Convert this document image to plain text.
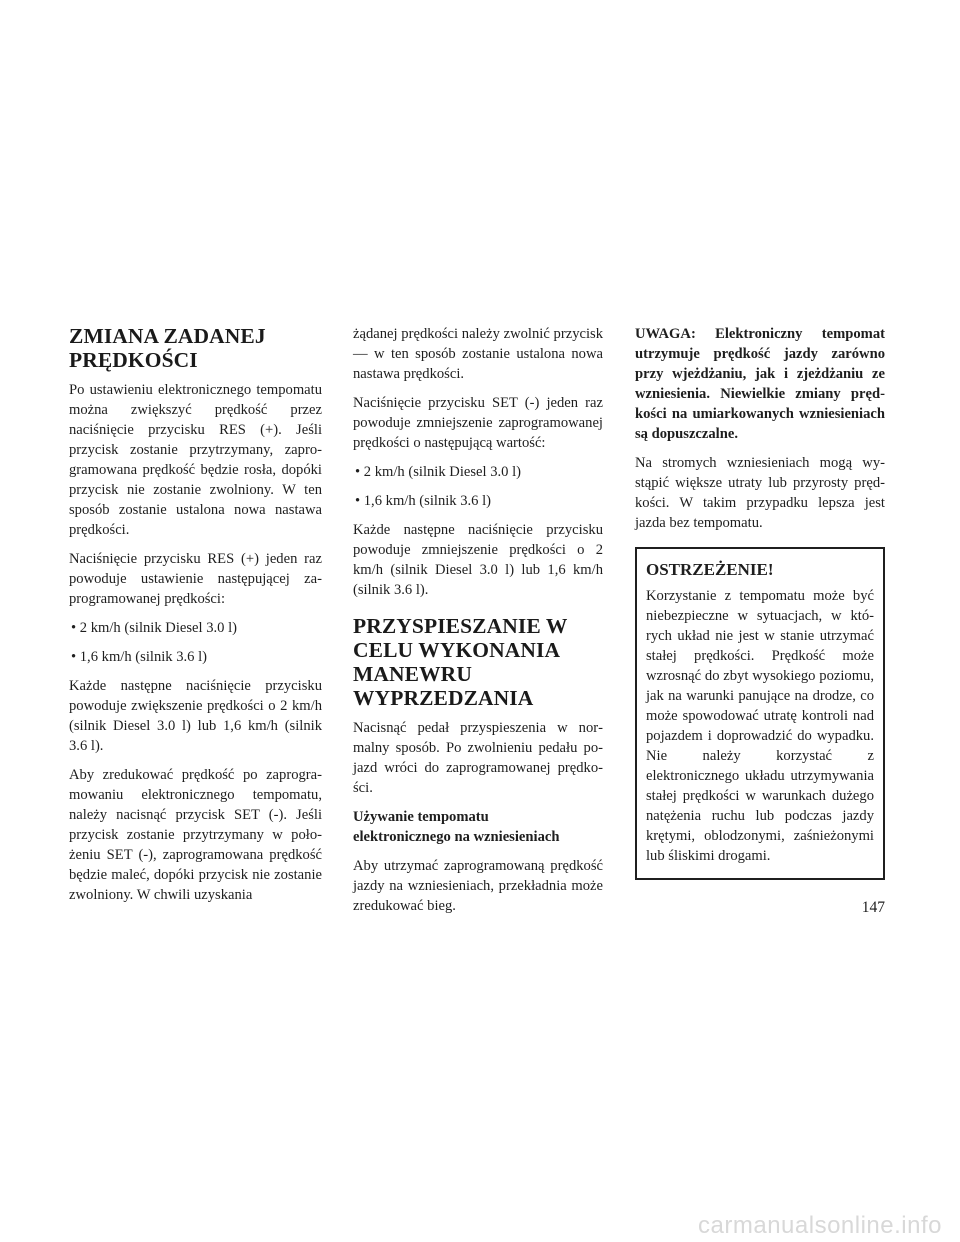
ZMIANA ZADANEJ
PRĘDKOŚCI

Po ustawieniu elektronicznego tempomatu można zwiększyć prędkość przez naciśnięcie przycisku RES (+). Jeśli przycisk zostanie przytrzymany, zaprogramowana prędkość będzie rosła, dopóki przycisk nie zostanie zwolniony. W ten sposób zostanie ustalona nowa nastawa prędkości.

Naciśnięcie przycisku RES (+) jeden raz powoduje ustawienie następującej zaprogramowanej prędkości:

• 2 km/h (silnik Diesel 3.0 l)

• 1,6 km/h (silnik 3.6 l)

Każde następne naciśnięcie przycisku powoduje zwiększenie prędkości o 2 km/h (silnik Diesel 3.0 l) lub 1,6 km/h (silnik 3.6 l).

Aby zredukować prędkość po zaprogramowaniu elektronicznego tempomatu, należy nacisnąć przycisk SET (-). Jeśli przycisk zostanie przytrzymany w położeniu SET (-), zaprogramowana prędkość będzie maleć, dopóki przycisk nie zostanie zwolniony. W chwili uzyskania

żądanej prędkości należy zwolnić przycisk — w ten sposób zostanie ustalona nowa nastawa prędkości.

Naciśnięcie przycisku SET (-) jeden raz powoduje zmniejszenie zaprogramowanej prędkości o następującą wartość:

• 2 km/h (silnik Diesel 3.0 l)

• 1,6 km/h (silnik 3.6 l)

Każde następne naciśnięcie przycisku powoduje zmniejszenie prędkości o 2 km/h (silnik Diesel 3.0 l) lub 1,6 km/h (silnik 3.6 l).

PRZYSPIESZANIE W CELU WYKONANIA MANEWRU WYPRZEDZANIA

Nacisnąć pedał przyspieszenia w normalny sposób. Po zwolnieniu pedału pojazd wróci do zaprogramowanej prędkości.

Używanie tempomatu
elektronicznego na wzniesieniach

Aby utrzymać zaprogramowaną prędkość jazdy na wzniesieniach, przekładnia może zredukować bieg.

UWAGA: Elektroniczny tempomat utrzymuje prędkość jazdy zarówno przy wjeżdżaniu, jak i zjeżdżaniu ze wzniesienia. Niewielkie zmiany prędkości na umiarkowanych wzniesieniach są dopuszczalne.

Na stromych wzniesieniach mogą wystąpić większe utraty lub przyrosty prędkości. W takim przypadku lepsza jest jazda bez tempomatu.

OSTRZEŻENIE!

Korzystanie z tempomatu może być niebezpieczne w sytuacjach, w których układ nie jest w stanie utrzymać stałej prędkości. Prędkość może wzrosnąć do zbyt wysokiego poziomu, jak na warunki panujące na drodze, co może spowodować utratę kontroli nad pojazdem i doprowadzić do wypadku. Nie należy korzystać z elektronicznego układu utrzymywania stałej prędkości w warunkach dużego natężenia ruchu lub podczas jazdy krętymi, oblodzonymi, zaśnieżonymi lub śliskimi drogami.

147
carmanualsonline.info
